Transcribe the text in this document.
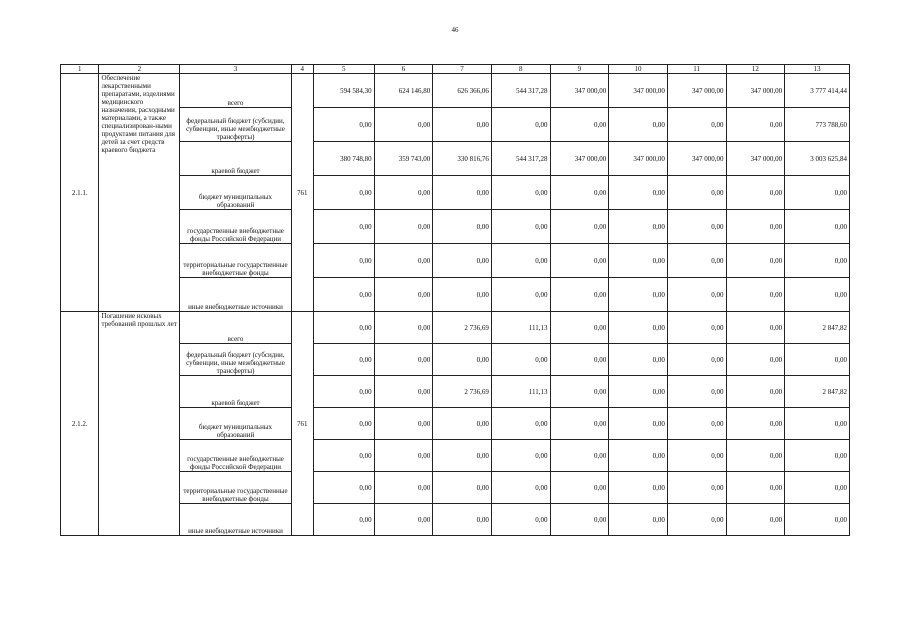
46
1	2	3	4	5	6	7	8	9	10	11	12	13
2.1.1.	Обеспечение лекарственными препаратами, изделиями медицинского назначения, расходными материалами, а также специализирован-ными продуктами питания для детей за счет средств краевого бюджета	всего	761	594 584,30	624 146,80	626 366,06	544 317,28	347 000,00	347 000,00	347 000,00	347 000,00	3 777 414,44
		федеральный бюджет (субсидии, субвенции, иные межбюджетные трансферты)		0,00	0,00	0,00	0,00	0,00	0,00	0,00	0,00	773 788,60
		краевой бюджет		380 748,80	359 743,00	330 816,76	544 317,28	347 000,00	347 000,00	347 000,00	347 000,00	3 003 625,84
		бюджет муниципальных образований		0,00	0,00	0,00	0,00	0,00	0,00	0,00	0,00	0,00
		государственные внебюджетные фонды Российской Федерации		0,00	0,00	0,00	0,00	0,00	0,00	0,00	0,00	0,00
		территориальные государственные внебюджетные фонды		0,00	0,00	0,00	0,00	0,00	0,00	0,00	0,00	0,00
		иные внебюджетные источники		0,00	0,00	0,00	0,00	0,00	0,00	0,00	0,00	0,00
2.1.2.	Погашение исковых требований прошлых лет	всего	761	0,00	0,00	2 736,69	111,13	0,00	0,00	0,00	0,00	2 847,82
		федеральный бюджет (субсидии, субвенции, иные межбюджетные трансферты)		0,00	0,00	0,00	0,00	0,00	0,00	0,00	0,00	0,00
		краевой бюджет		0,00	0,00	2 736,69	111,13	0,00	0,00	0,00	0,00	2 847,82
		бюджет муниципальных образований		0,00	0,00	0,00	0,00	0,00	0,00	0,00	0,00	0,00
		государственные внебюджетные фонды Российской Федерации		0,00	0,00	0,00	0,00	0,00	0,00	0,00	0,00	0,00
		территориальные государственные внебюджетные фонды		0,00	0,00	0,00	0,00	0,00	0,00	0,00	0,00	0,00
		иные внебюджетные источники		0,00	0,00	0,00	0,00	0,00	0,00	0,00	0,00	0,00
